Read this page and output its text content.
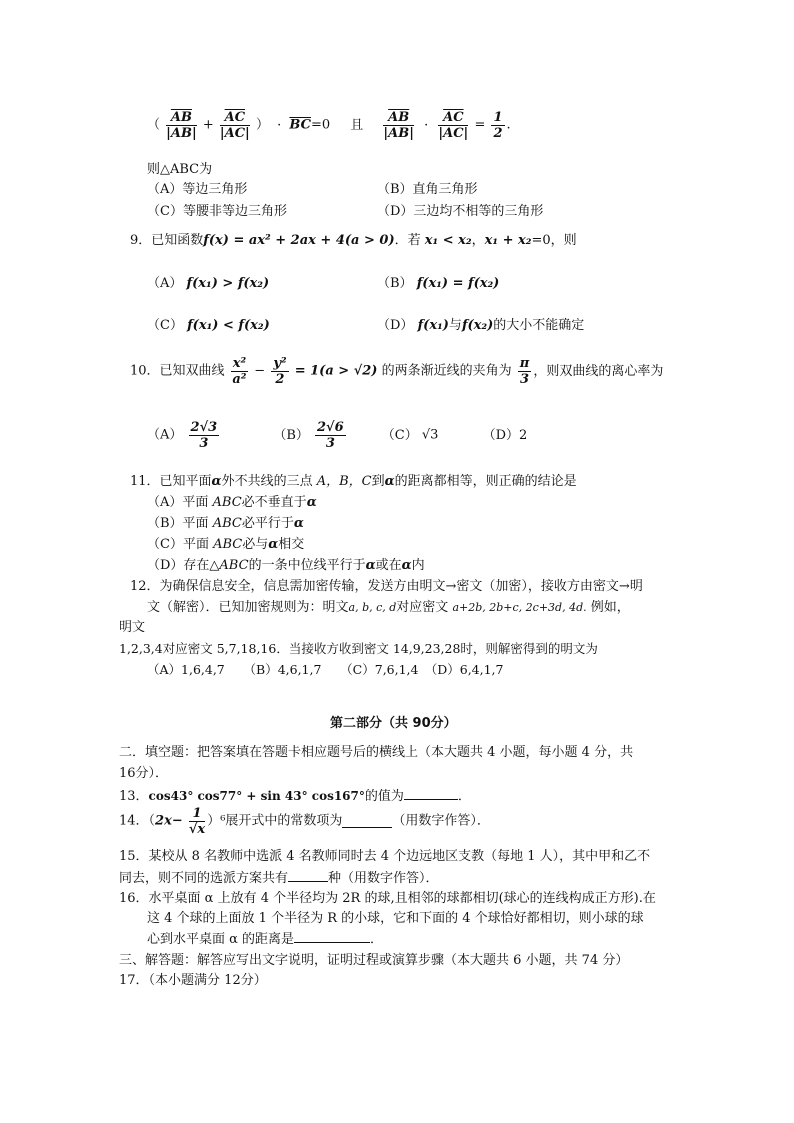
（ $\frac{\overline{AB}}{|AB|} + \frac{\overline{AC}}{|AC|}$ ） · $\overline{BC}=0$ 且 $\frac{\overline{AB}}{|AB|} \cdot \frac{\overline{AC}}{|AC|} = \frac{1}{2}$ .
则△ABC为
（A）等边三角形	（B）直角三角形
（C）等腰非等边三角形	（D）三边均不相等的三角形
9．已知函数f(x) = ax² + 2ax + 4(a > 0)．若 x₁ < x₂，x₁ + x₂=0，则
（A） f(x₁) > f(x₂)	（B） f(x₁) = f(x₂)
（C） f(x₁) < f(x₂)	（D） f(x₁)与f(x₂)的大小不能确定
10．已知双曲线 $\frac{\text{x²}}{\text{a²}} - \frac{\text{y²}}{2} = 1(a > √2)$ 的两条渐近线的夹角为 $\frac{\pi}{3}$ ，则双曲线的离心率为
$(A) \frac{2√3}{3}$	$(B) \frac{2√6}{3}$	（C） √3	（D）2
11．已知平面α外不共线的三点 A，B，C到α的距离都相等，则正确的结论是
（A）平面 ABC必不垂直于α
（B）平面 ABC必平行于α
（C）平面 ABC必与α相交
（D）存在△ABC的一条中位线平行于α或在α内
12．为确保信息安全，信息需加密传输，发送方由明文→密文（加密），接收方由密文→明
文（解密）．已知加密规则为：明文a, b, c, d对应密文 a+2b, 2b+c, 2c+3d, 4d. 例如，
明文
1,2,3,4对应密文 5,7,18,16．当接收方收到密文 14,9,23,28时，则解密得到的明文为
（A）1,6,4,7　　（B）4,6,1,7　　（C）7,6,1,4　（D）6,4,1,7
第二部分（共 90分）
二．填空题：把答案填在答题卡相应题号后的横线上（本大题共 4 小题，每小题 4 分，共
16分）．
13．cos43° cos77° + sin 43° cos167°的值为	．
14．$(2x- \frac{1}{√x} )^6$展开式中的常数项为	（用数字作答）．
15．某校从 8 名教师中选派 4 名教师同时去 4 个边远地区支教（每地 1 人），其中甲和乙不
同去，则不同的选派方案共有	种（用数字作答）．
16．水平桌面 α 上放有 4 个半径均为 2R 的球,且相邻的球都相切(球心的连线构成正方形).在
这 4 个球的上面放 1 个半径为 R 的小球，它和下面的 4 个球恰好都相切，则小球的球
心到水平桌面 α 的距离是	．
三、解答题：解答应写出文字说明，证明过程或演算步骤（本大题共 6 小题，共 74 分）
17．（本小题满分 12分）
